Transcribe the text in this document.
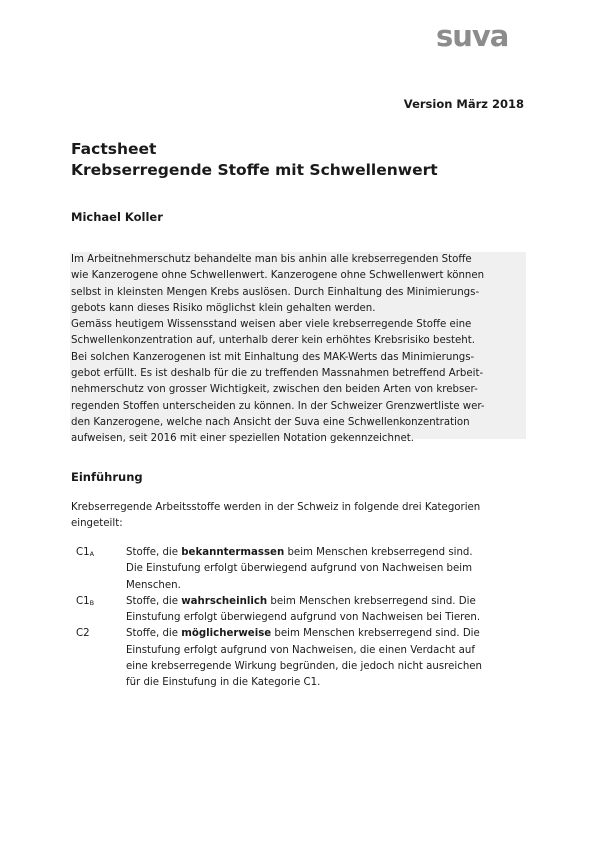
suva
Version März 2018
Factsheet
Krebserregende Stoffe mit Schwellenwert
Michael Koller

Im Arbeitnehmerschutz behandelte man bis anhin alle krebserregenden Stoffe
wie Kanzerogene ohne Schwellenwert. Kanzerogene ohne Schwellenwert können
selbst in kleinsten Mengen Krebs auslösen. Durch Einhaltung des Minimierungs-
gebots kann dieses Risiko möglichst klein gehalten werden.
Gemäss heutigem Wissensstand weisen aber viele krebserregende Stoffe eine
Schwellenkonzentration auf, unterhalb derer kein erhöhtes Krebsrisiko besteht.
Bei solchen Kanzerogenen ist mit Einhaltung des MAK-Werts das Minimierungs-
gebot erfüllt. Es ist deshalb für die zu treffenden Massnahmen betreffend Arbeit-
nehmerschutz von grosser Wichtigkeit, zwischen den beiden Arten von krebser-
regenden Stoffen unterscheiden zu können. In der Schweizer Grenzwertliste wer-
den Kanzerogene, welche nach Ansicht der Suva eine Schwellenkonzentration
aufweisen, seit 2016 mit einer speziellen Notation gekennzeichnet.

Einführung
Krebserregende Arbeitsstoffe werden in der Schweiz in folgende drei Kategorien
eingeteilt:
$C1_A$	Stoffe, die bekanntermassen beim Menschen krebserregend sind.
Die Einstufung erfolgt überwiegend aufgrund von Nachweisen beim
Menschen.
$C1_B$	Stoffe, die wahrscheinlich beim Menschen krebserregend sind. Die
Einstufung erfolgt überwiegend aufgrund von Nachweisen bei Tieren.
C2	Stoffe, die möglicherweise beim Menschen krebserregend sind. Die
Einstufung erfolgt aufgrund von Nachweisen, die einen Verdacht auf
eine krebserregende Wirkung begründen, die jedoch nicht ausreichen
für die Einstufung in die Kategorie C1.
